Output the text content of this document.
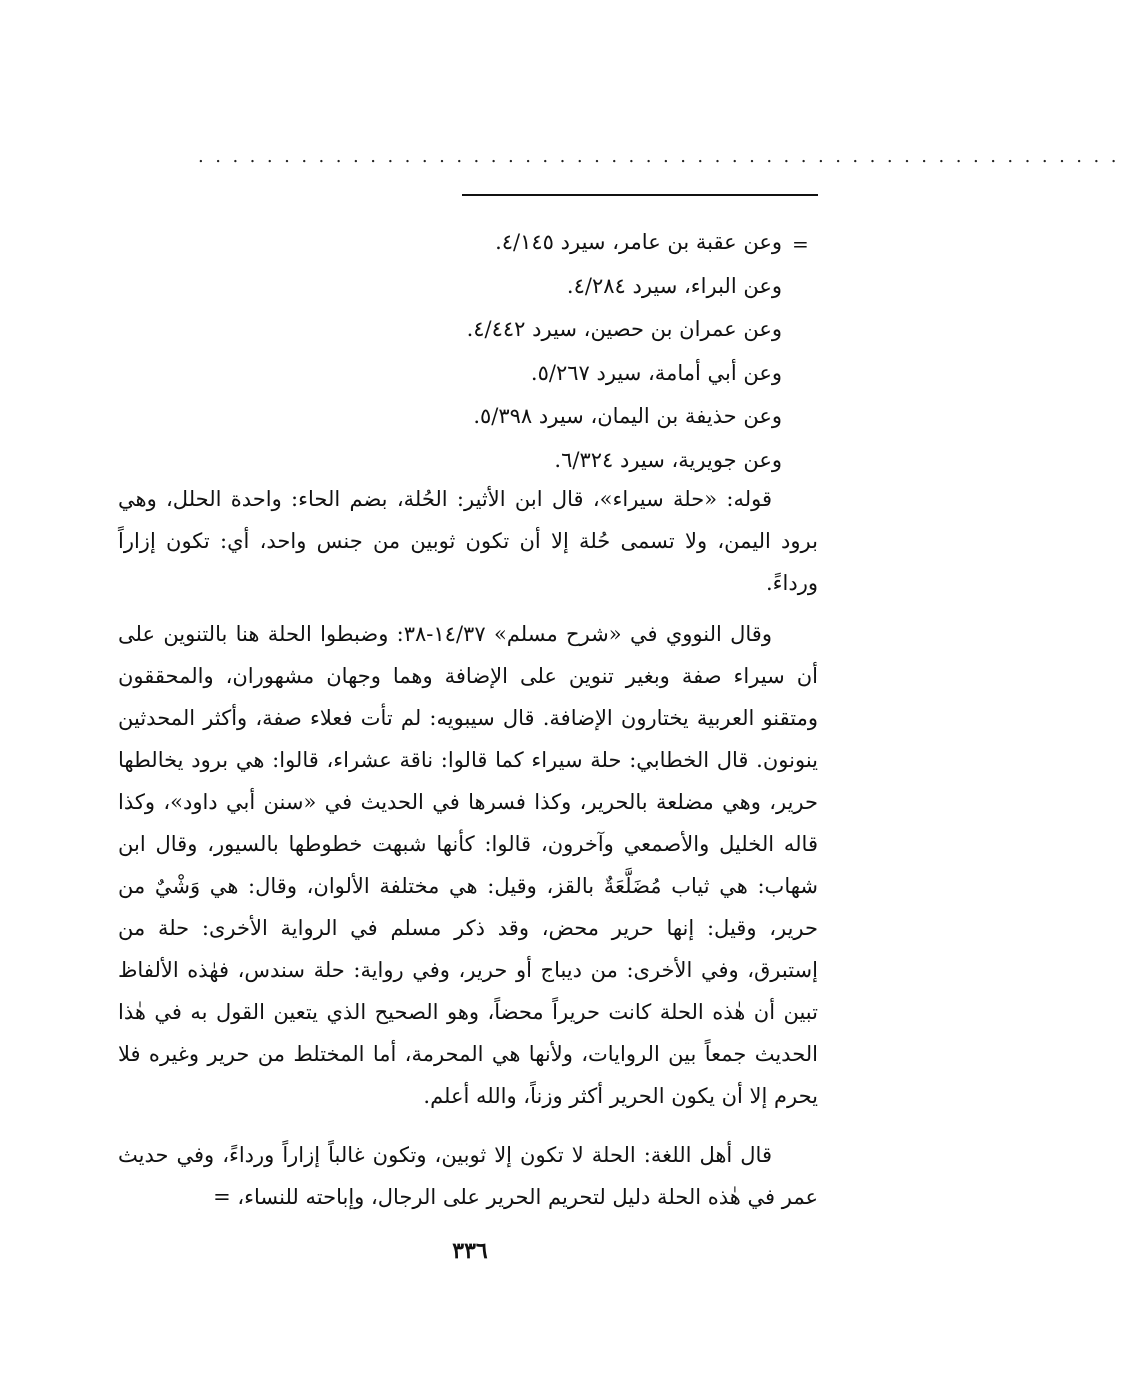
......................................................
=
وعن عقبة بن عامر، سيرد ٤/١٤٥.
وعن البراء، سيرد ٤/٢٨٤.
وعن عمران بن حصين، سيرد ٤/٤٤٢.
وعن أبي أمامة، سيرد ٥/٢٦٧.
وعن حذيفة بن اليمان، سيرد ٥/٣٩٨.
وعن جويرية، سيرد ٦/٣٢٤.

قوله: «حلة سيراء»، قال ابن الأثير: الحُلة، بضم الحاء: واحدة الحلل، وهي برود اليمن، ولا تسمى حُلة إلا أن تكون ثوبين من جنس واحد، أي: تكون إزاراً ورداءً.

وقال النووي في «شرح مسلم» ١٤/٣٧-٣٨: وضبطوا الحلة هنا بالتنوين على أن سيراء صفة وبغير تنوين على الإضافة وهما وجهان مشهوران، والمحققون ومتقنو العربية يختارون الإضافة. قال سيبويه: لم تأت فعلاء صفة، وأكثر المحدثين ينونون. قال الخطابي: حلة سيراء كما قالوا: ناقة عشراء، قالوا: هي برود يخالطها حرير، وهي مضلعة بالحرير، وكذا فسرها في الحديث في «سنن أبي داود»، وكذا قاله الخليل والأصمعي وآخرون، قالوا: كأنها شبهت خطوطها بالسيور، وقال ابن شهاب: هي ثياب مُضَلَّعَةٌ بالقز، وقيل: هي مختلفة الألوان، وقال: هي وَشْيٌ من حرير، وقيل: إنها حرير محض، وقد ذكر مسلم في الرواية الأخرى: حلة من إستبرق، وفي الأخرى: من ديباج أو حرير، وفي رواية: حلة سندس، فهٰذه الألفاظ تبين أن هٰذه الحلة كانت حريراً محضاً، وهو الصحيح الذي يتعين القول به في هٰذا الحديث جمعاً بين الروايات، ولأنها هي المحرمة، أما المختلط من حرير وغيره فلا يحرم إلا أن يكون الحرير أكثر وزناً، والله أعلم.

قال أهل اللغة: الحلة لا تكون إلا ثوبين، وتكون غالباً إزاراً ورداءً، وفي حديث عمر في هٰذه الحلة دليل لتحريم الحرير على الرجال، وإباحته للنساء، =

٣٣٦
